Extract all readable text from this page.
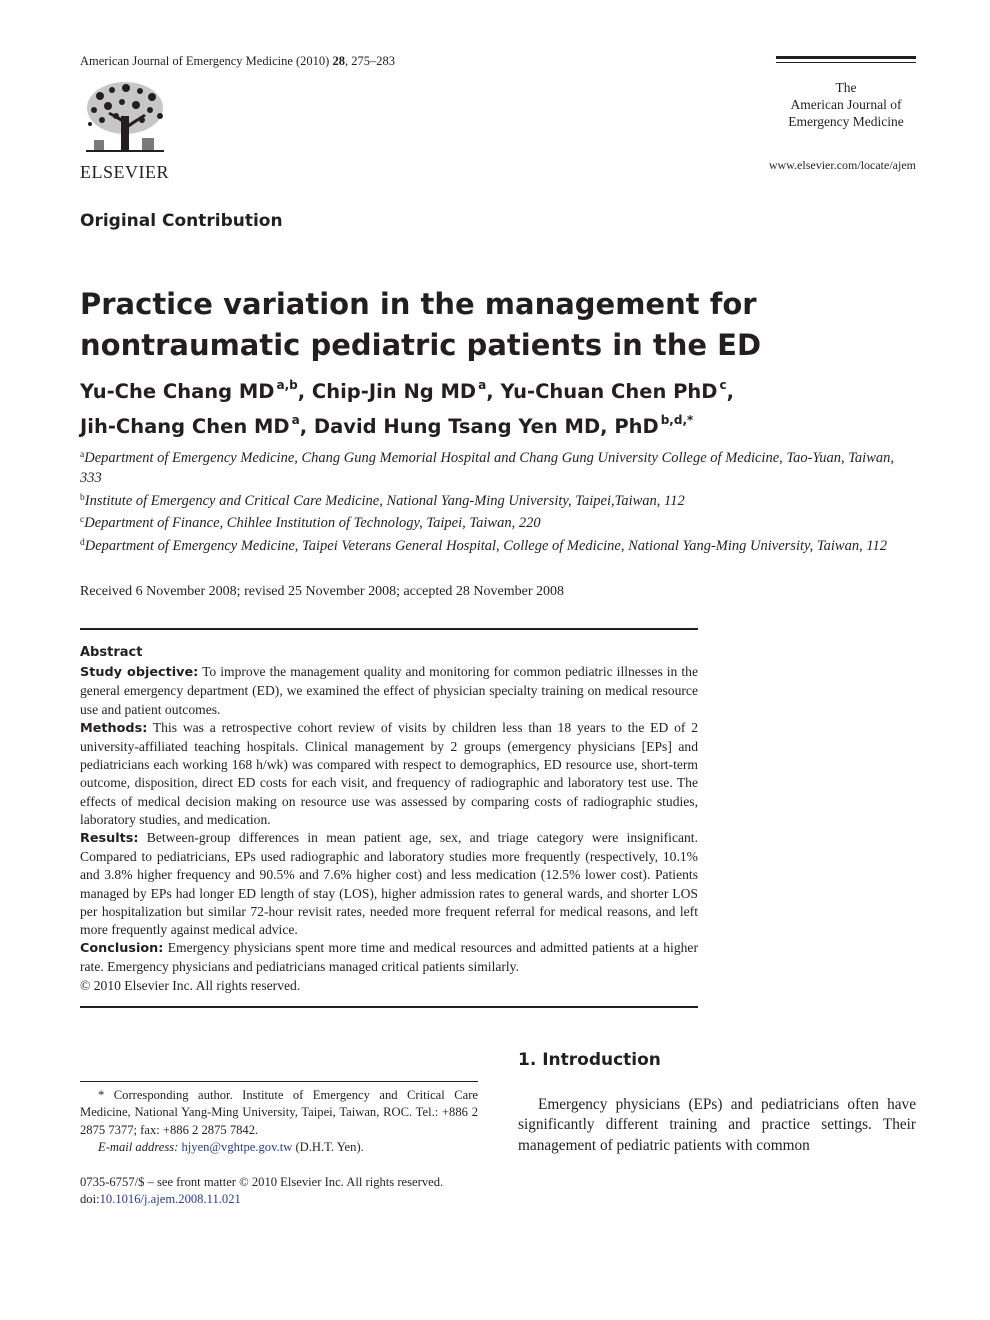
American Journal of Emergency Medicine (2010) 28, 275–283
ELSEVIER
The
American Journal of
Emergency Medicine
www.elsevier.com/locate/ajem
Original Contribution
Practice variation in the management for nontraumatic pediatric patients in the ED
Yu-Che Chang MD $^{a,b}$, Chip-Jin Ng MD $^a$, Yu-Chuan Chen PhD $^c$,
Jih-Chang Chen MD $^a$, David Hung Tsang Yen MD, PhD $^{b,d,*}$
$^a$Department of Emergency Medicine, Chang Gung Memorial Hospital and Chang Gung University College of Medicine, Tao-Yuan, Taiwan, 333
$^b$Institute of Emergency and Critical Care Medicine, National Yang-Ming University, Taipei,Taiwan, 112
$^c$Department of Finance, Chihlee Institution of Technology, Taipei, Taiwan, 220
$^d$Department of Emergency Medicine, Taipei Veterans General Hospital, College of Medicine, National Yang-Ming University, Taiwan, 112
Received 6 November 2008; revised 25 November 2008; accepted 28 November 2008
Abstract

Study objective: To improve the management quality and monitoring for common pediatric illnesses in the general emergency department (ED), we examined the effect of physician specialty training on medical resource use and patient outcomes.

Methods: This was a retrospective cohort review of visits by children less than 18 years to the ED of 2 university-affiliated teaching hospitals. Clinical management by 2 groups (emergency physicians [EPs] and pediatricians each working 168 h/wk) was compared with respect to demographics, ED resource use, short-term outcome, disposition, direct ED costs for each visit, and frequency of radiographic and laboratory test use. The effects of medical decision making on resource use was assessed by comparing costs of radiographic studies, laboratory studies, and medication.

Results: Between-group differences in mean patient age, sex, and triage category were insignificant. Compared to pediatricians, EPs used radiographic and laboratory studies more frequently (respectively, 10.1% and 3.8% higher frequency and 90.5% and 7.6% higher cost) and less medication (12.5% lower cost). Patients managed by EPs had longer ED length of stay (LOS), higher admission rates to general wards, and shorter LOS per hospitalization but similar 72-hour revisit rates, needed more frequent referral for medical reasons, and left more frequently against medical advice.

Conclusion: Emergency physicians spent more time and medical resources and admitted patients at a higher rate. Emergency physicians and pediatricians managed critical patients similarly.

© 2010 Elsevier Inc. All rights reserved.

* Corresponding author. Institute of Emergency and Critical Care Medicine, National Yang-Ming University, Taipei, Taiwan, ROC. Tel.: +886 2 2875 7377; fax: +886 2 2875 7842.

E-mail address: hjyen@vghtpe.gov.tw (D.H.T. Yen).

0735-6757/$ – see front matter © 2010 Elsevier Inc. All rights reserved.

doi:10.1016/j.ajem.2008.11.021

1. Introduction
Emergency physicians (EPs) and pediatricians often have significantly different training and practice settings. Their management of pediatric patients with common
